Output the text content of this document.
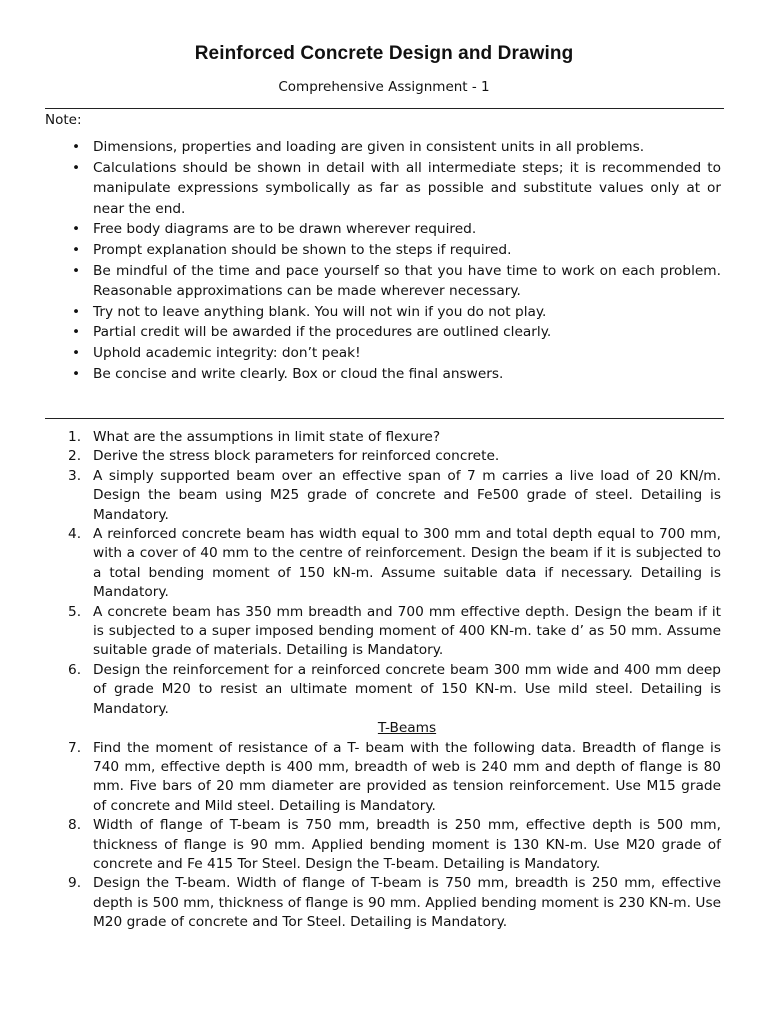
Reinforced Concrete Design and Drawing
Comprehensive Assignment - 1
Note:
• Dimensions, properties and loading are given in consistent units in all problems.
• Calculations should be shown in detail with all intermediate steps; it is recommended to manipulate expressions symbolically as far as possible and substitute values only at or near the end.
• Free body diagrams are to be drawn wherever required.
• Prompt explanation should be shown to the steps if required.
• Be mindful of the time and pace yourself so that you have time to work on each problem. Reasonable approximations can be made wherever necessary.
• Try not to leave anything blank. You will not win if you do not play.
• Partial credit will be awarded if the procedures are outlined clearly.
• Uphold academic integrity: don’t peak!
• Be concise and write clearly. Box or cloud the final answers.
1. What are the assumptions in limit state of flexure?
2. Derive the stress block parameters for reinforced concrete.
3. A simply supported beam over an effective span of 7 m carries a live load of 20 KN/m. Design the beam using M25 grade of concrete and Fe500 grade of steel. Detailing is Mandatory.
4. A reinforced concrete beam has width equal to 300 mm and total depth equal to 700 mm, with a cover of 40 mm to the centre of reinforcement. Design the beam if it is subjected to a total bending moment of 150 kN-m. Assume suitable data if necessary. Detailing is Mandatory.
5. A concrete beam has 350 mm breadth and 700 mm effective depth. Design the beam if it is subjected to a super imposed bending moment of 400 KN-m. take d’ as 50 mm. Assume suitable grade of materials. Detailing is Mandatory.
6. Design the reinforcement for a reinforced concrete beam 300 mm wide and 400 mm deep of grade M20 to resist an ultimate moment of 150 KN-m. Use mild steel. Detailing is Mandatory.
T-Beams
7. Find the moment of resistance of a T- beam with the following data. Breadth of flange is 740 mm, effective depth is 400 mm, breadth of web is 240 mm and depth of flange is 80 mm. Five bars of 20 mm diameter are provided as tension reinforcement. Use M15 grade of concrete and Mild steel. Detailing is Mandatory.
8. Width of flange of T-beam is 750 mm, breadth is 250 mm, effective depth is 500 mm, thickness of flange is 90 mm. Applied bending moment is 130 KN-m. Use M20 grade of concrete and Fe 415 Tor Steel. Design the T-beam. Detailing is Mandatory.
9. Design the T-beam. Width of flange of T-beam is 750 mm, breadth is 250 mm, effective depth is 500 mm, thickness of flange is 90 mm. Applied bending moment is 230 KN-m. Use M20 grade of concrete and Tor Steel. Detailing is Mandatory.
